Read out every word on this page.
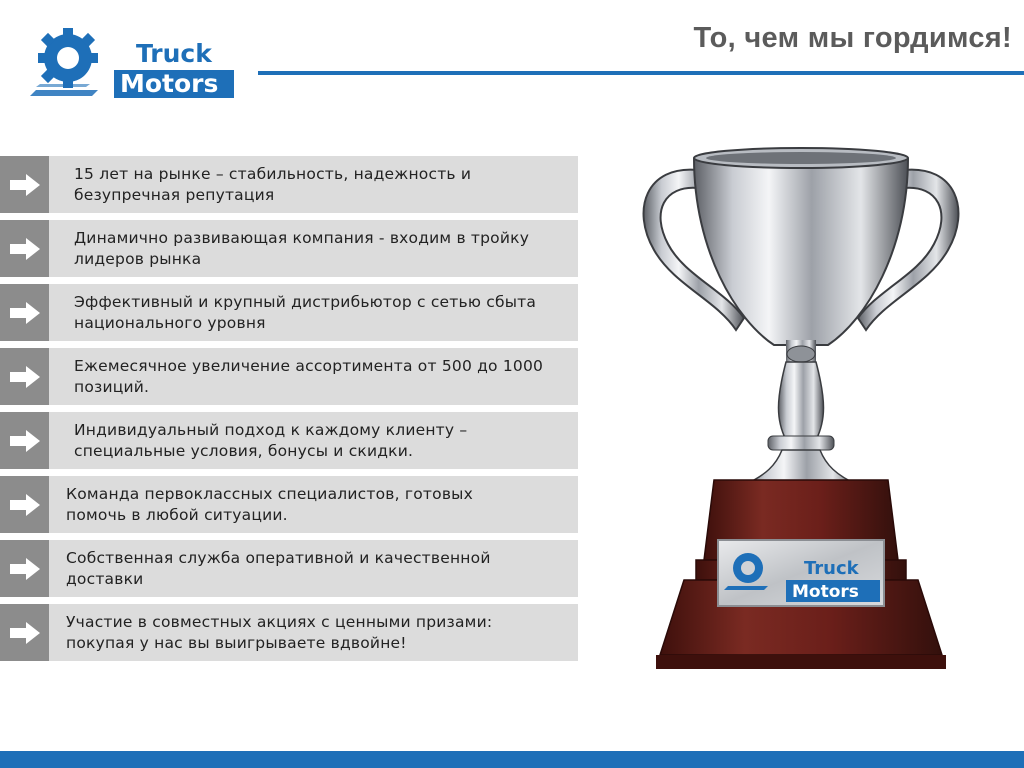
Truck
Motors
То, чем мы гордимся!
15 лет на рынке – стабильность, надежность и
безупречная репутация
Динамично развивающая компания - входим в тройку
лидеров рынка
Эффективный и крупный дистрибьютор с сетью сбыта
национального уровня
Ежемесячное увеличение ассортимента от 500 до 1000
позиций.
Индивидуальный подход к каждому клиенту –
специальные условия, бонусы и скидки.
Команда первоклассных специалистов, готовых
помочь в любой ситуации.
Собственная служба оперативной и качественной
доставки
Участие в совместных акциях с ценными призами:
покупая у нас вы выигрываете вдвойне!
Truck
Motors
